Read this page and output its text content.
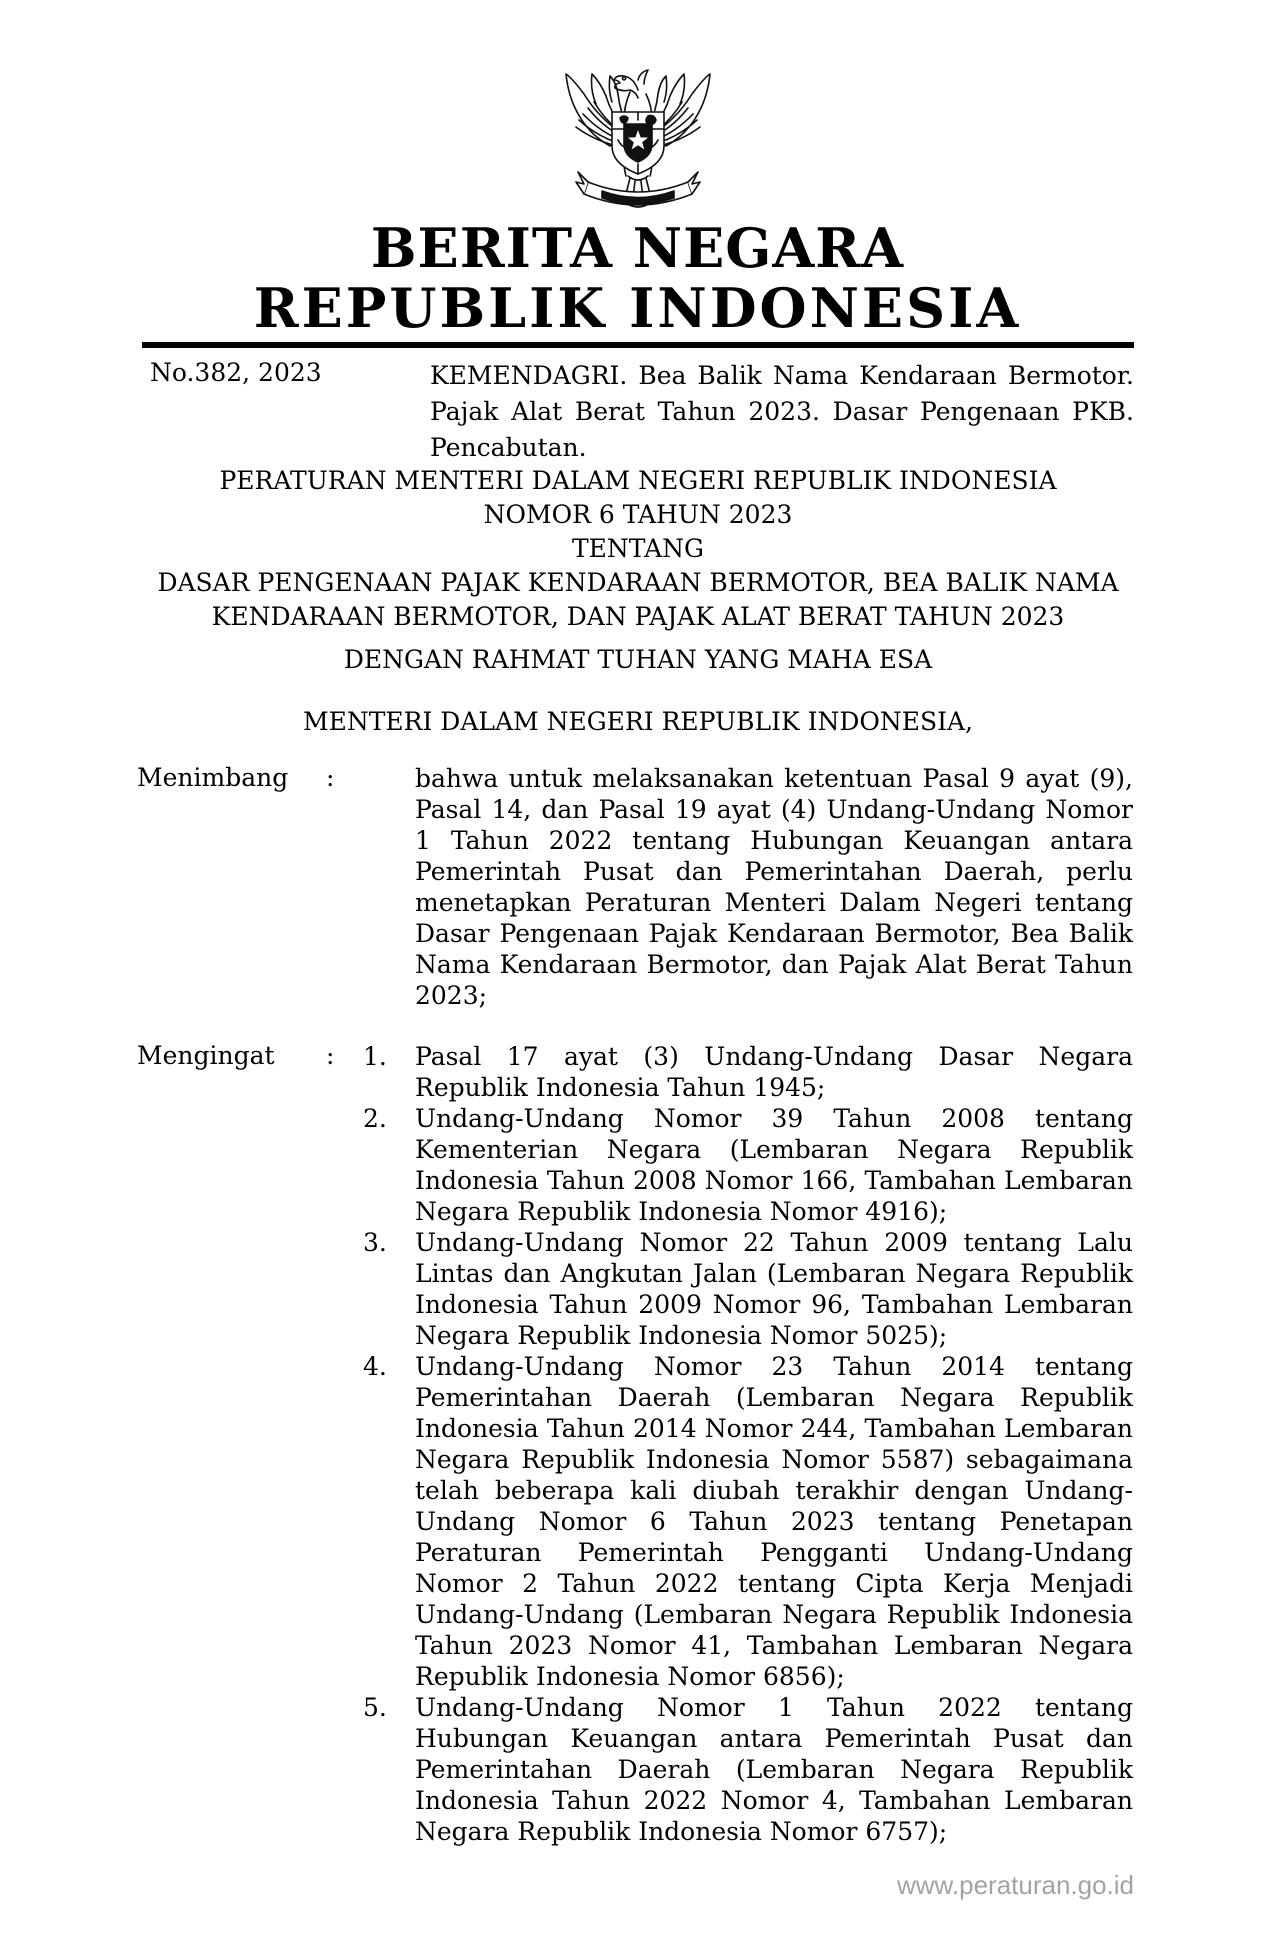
BERITA NEGARA
REPUBLIK INDONESIA
No.382, 2023	KEMENDAGRI. Bea Balik Nama Kendaraan Bermotor. Pajak Alat Berat Tahun 2023. Dasar Pengenaan PKB. Pencabutan.
PERATURAN MENTERI DALAM NEGERI REPUBLIK INDONESIA
NOMOR 6 TAHUN 2023
TENTANG
DASAR PENGENAAN PAJAK KENDARAAN BERMOTOR, BEA BALIK NAMA
KENDARAAN BERMOTOR, DAN PAJAK ALAT BERAT TAHUN 2023
DENGAN RAHMAT TUHAN YANG MAHA ESA
MENTERI DALAM NEGERI REPUBLIK INDONESIA,
Menimbang :	bahwa untuk melaksanakan ketentuan Pasal 9 ayat (9), Pasal 14, dan Pasal 19 ayat (4) Undang-Undang Nomor 1 Tahun 2022 tentang Hubungan Keuangan antara Pemerintah Pusat dan Pemerintahan Daerah, perlu menetapkan Peraturan Menteri Dalam Negeri tentang Dasar Pengenaan Pajak Kendaraan Bermotor, Bea Balik Nama Kendaraan Bermotor, dan Pajak Alat Berat Tahun 2023;
Mengingat : 1. Pasal 17 ayat (3) Undang-Undang Dasar Negara Republik Indonesia Tahun 1945;
2. Undang-Undang Nomor 39 Tahun 2008 tentang Kementerian Negara (Lembaran Negara Republik Indonesia Tahun 2008 Nomor 166, Tambahan Lembaran Negara Republik Indonesia Nomor 4916);
3. Undang-Undang Nomor 22 Tahun 2009 tentang Lalu Lintas dan Angkutan Jalan (Lembaran Negara Republik Indonesia Tahun 2009 Nomor 96, Tambahan Lembaran Negara Republik Indonesia Nomor 5025);
4. Undang-Undang Nomor 23 Tahun 2014 tentang Pemerintahan Daerah (Lembaran Negara Republik Indonesia Tahun 2014 Nomor 244, Tambahan Lembaran Negara Republik Indonesia Nomor 5587) sebagaimana telah beberapa kali diubah terakhir dengan Undang-Undang Nomor 6 Tahun 2023 tentang Penetapan Peraturan Pemerintah Pengganti Undang-Undang Nomor 2 Tahun 2022 tentang Cipta Kerja Menjadi Undang-Undang (Lembaran Negara Republik Indonesia Tahun 2023 Nomor 41, Tambahan Lembaran Negara Republik Indonesia Nomor 6856);
5. Undang-Undang Nomor 1 Tahun 2022 tentang Hubungan Keuangan antara Pemerintah Pusat dan Pemerintahan Daerah (Lembaran Negara Republik Indonesia Tahun 2022 Nomor 4, Tambahan Lembaran Negara Republik Indonesia Nomor 6757);
www.peraturan.go.id
